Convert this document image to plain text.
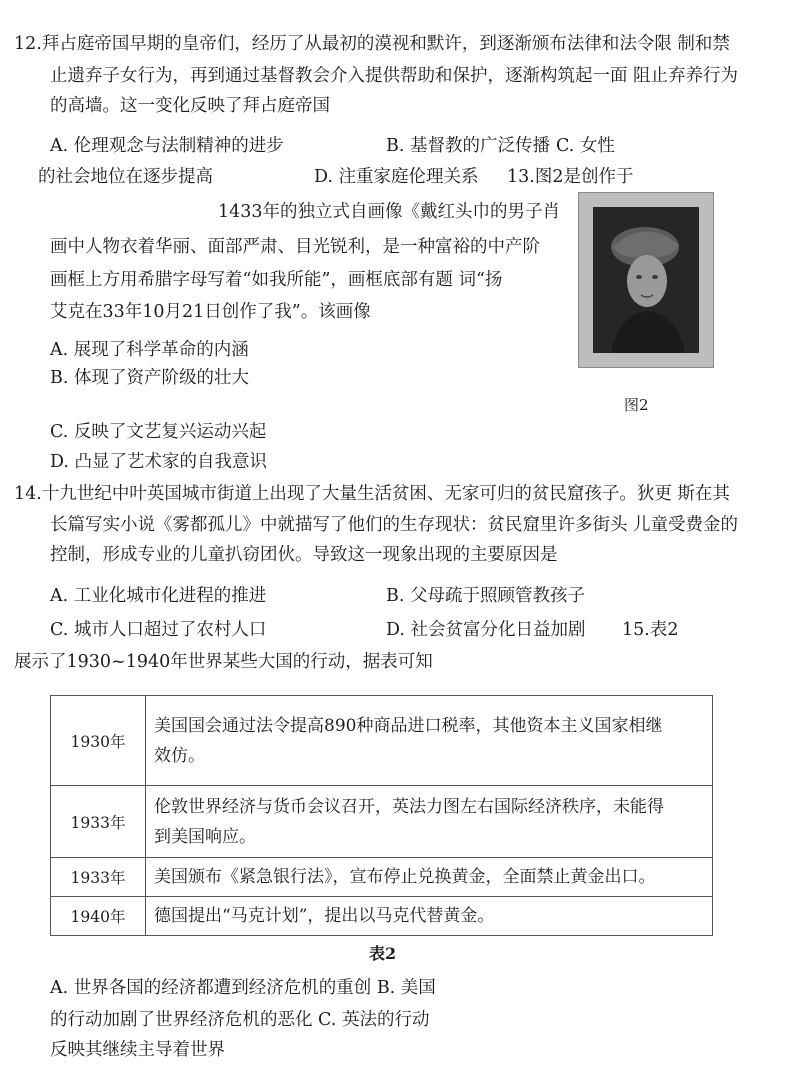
12.拜占庭帝国早期的皇帝们，经历了从最初的漠视和默许，到逐渐颁布法律和法令限 制和禁
止遗弃子女行为，再到通过基督教会介入提供帮助和保护，逐渐构筑起一面 阻止弃养行为
的高墙。这一变化反映了拜占庭帝国
A. 伦理观念与法制精神的进步	B. 基督教的广泛传播 C. 女性
的社会地位在逐步提高	D. 注重家庭伦理关系 13.图2是创作于
1433年的独立式自画像《戴红头巾的男子肖
画中人物衣着华丽、面部严肃、目光锐利，是一种富裕的中产阶
画框上方用希腊字母写着“如我所能”，画框底部有题 词“扬
艾克在33年10月21日创作了我”。该画像
图2
A. 展现了科学革命的内涵
B. 体现了资产阶级的壮大
C. 反映了文艺复兴运动兴起
D. 凸显了艺术家的自我意识
14.十九世纪中叶英国城市街道上出现了大量生活贫困、无家可归的贫民窟孩子。狄更 斯在其
长篇写实小说《雾都孤儿》中就描写了他们的生存现状：贫民窟里许多街头 儿童受费金的
控制，形成专业的儿童扒窃团伙。导致这一现象出现的主要原因是
A. 工业化城市化进程的推进	B. 父母疏于照顾管教孩子
C. 城市人口超过了农村人口	D. 社会贫富分化日益加剧 15.表2
展示了1930~1940年世界某些大国的行动，据表可知
1930年	美国国会通过法令提高890种商品进口税率，其他资本主义国家相继
效仿。

1933年	伦敦世界经济与货币会议召开，英法力图左右国际经济秩序，未能得
到美国响应。

1933年	美国颁布《紧急银行法》，宣布停止兑换黄金，全面禁止黄金出口。

1940年	德国提出“马克计划”，提出以马克代替黄金。
表2
A. 世界各国的经济都遭到经济危机的重创 B. 美国
的行动加剧了世界经济危机的恶化 C. 英法的行动
反映其继续主导着世界
